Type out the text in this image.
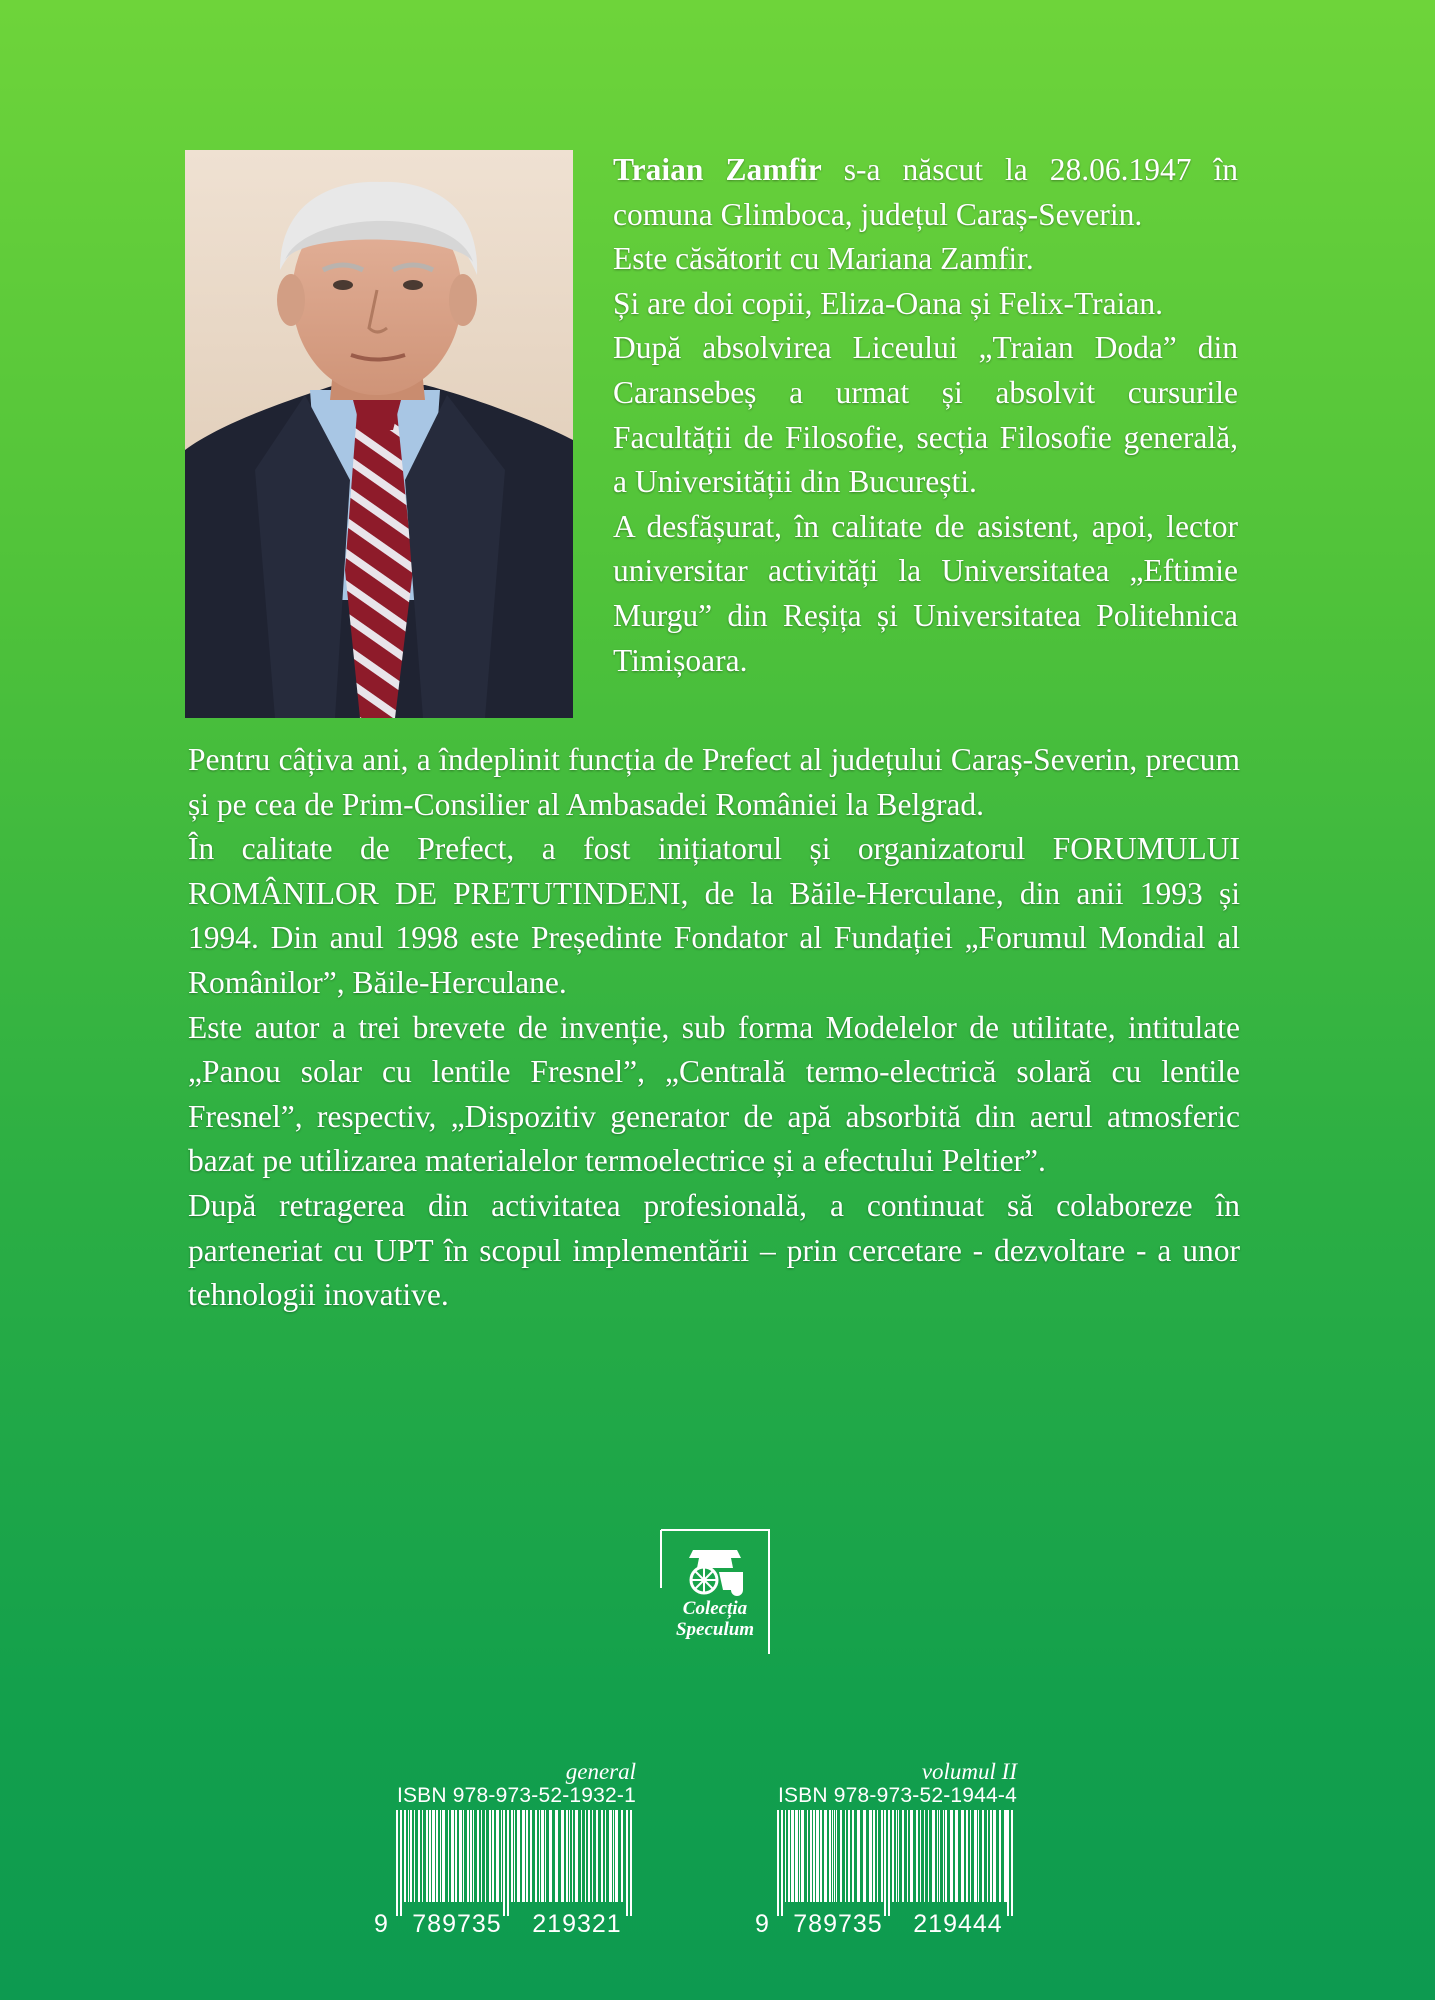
Traian Zamfir s-a născut la 28.06.1947 în comuna Glimboca, județul Caraș-Severin.

Este căsătorit cu Mariana Zamfir.

Și are doi copii, Eliza-Oana și Felix-Traian.

După absolvirea Liceului „Traian Doda” din Caransebeș a urmat și absolvit cursurile Facultății de Filosofie, secția Filosofie generală, a Universității din București.

A desfășurat, în calitate de asistent, apoi, lector universitar activități la Universitatea „Eftimie Murgu” din Reșița și Universitatea Politehnica Timișoara.

Pentru câțiva ani, a îndeplinit funcția de Prefect al județului Caraș-Severin, precum și pe cea de Prim-Consilier al Ambasadei României la Belgrad.

În calitate de Prefect, a fost inițiatorul și organizatorul FORUMULUI ROMÂNILOR DE PRETUTINDENI, de la Băile-Herculane, din anii 1993 și 1994. Din anul 1998 este Președinte Fondator al Fundației „Forumul Mondial al Românilor”, Băile-Herculane.

Este autor a trei brevete de invenție, sub forma Modelelor de utilitate, intitulate „Panou solar cu lentile Fresnel”, „Centrală termo-electrică solară cu lentile Fresnel”, respectiv, „Dispozitiv generator de apă absorbită din aerul atmosferic bazat pe utilizarea materialelor termoelectrice și a efectului Peltier”.

După retragerea din activitatea profesională, a continuat să colaboreze în parteneriat cu UPT în scopul implementării – prin cercetare - dezvoltare - a unor tehnologii inovative.

Colecția
Speculum
general
ISBN 978-973-52-1932-1
9 789735	219321
volumul II
ISBN 978-973-52-1944-4
9 789735	219444
